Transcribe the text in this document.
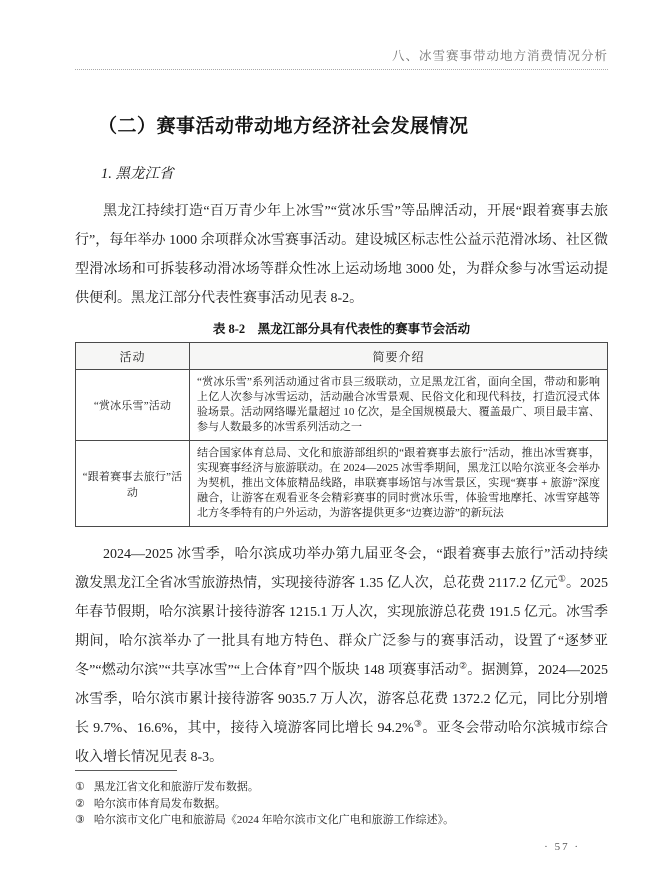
八、冰雪赛事带动地方消费情况分析
（二）赛事活动带动地方经济社会发展情况
1. 黑龙江省
黑龙江持续打造“百万青少年上冰雪”“赏冰乐雪”等品牌活动，开展“跟着赛事去旅行”，每年举办 1000 余项群众冰雪赛事活动。建设城区标志性公益示范滑冰场、社区微型滑冰场和可拆装移动滑冰场等群众性冰上运动场地 3000 处，为群众参与冰雪运动提供便利。黑龙江部分代表性赛事活动见表 8-2。
表 8-2　黑龙江部分具有代表性的赛事节会活动
活动	简要介绍
“赏冰乐雪”活动	“赏冰乐雪”系列活动通过省市县三级联动，立足黑龙江省，面向全国，带动和影响上亿人次参与冰雪运动，活动融合冰雪景观、民俗文化和现代科技，打造沉浸式体验场景。活动网络曝光量超过 10 亿次，是全国规模最大、覆盖最广、项目最丰富、参与人数最多的冰雪系列活动之一
“跟着赛事去旅行”活动	结合国家体育总局、文化和旅游部组织的“跟着赛事去旅行”活动，推出冰雪赛事，实现赛事经济与旅游联动。在 2024—2025 冰雪季期间，黑龙江以哈尔滨亚冬会举办为契机，推出文体旅精品线路，串联赛事场馆与冰雪景区，实现“赛事 + 旅游”深度融合，让游客在观看亚冬会精彩赛事的同时赏冰乐雪，体验雪地摩托、冰雪穿越等北方冬季特有的户外运动，为游客提供更多“边赛边游”的新玩法
2024—2025 冰雪季，哈尔滨成功举办第九届亚冬会，“跟着赛事去旅行”活动持续激发黑龙江全省冰雪旅游热情，实现接待游客 1.35 亿人次，总花费 2117.2 亿元①。2025 年春节假期，哈尔滨累计接待游客 1215.1 万人次，实现旅游总花费 191.5 亿元。冰雪季期间，哈尔滨举办了一批具有地方特色、群众广泛参与的赛事活动，设置了“逐梦亚冬”“燃动尔滨”“共享冰雪”“上合体育”四个版块 148 项赛事活动②。据测算，2024—2025 冰雪季，哈尔滨市累计接待游客 9035.7 万人次，游客总花费 1372.2 亿元，同比分别增长 9.7%、16.6%，其中，接待入境游客同比增长 94.2%③。亚冬会带动哈尔滨城市综合收入增长情况见表 8-3。
① 黑龙江省文化和旅游厅发布数据。
② 哈尔滨市体育局发布数据。
③ 哈尔滨市文化广电和旅游局《2024 年哈尔滨市文化广电和旅游工作综述》。
· 57 ·
